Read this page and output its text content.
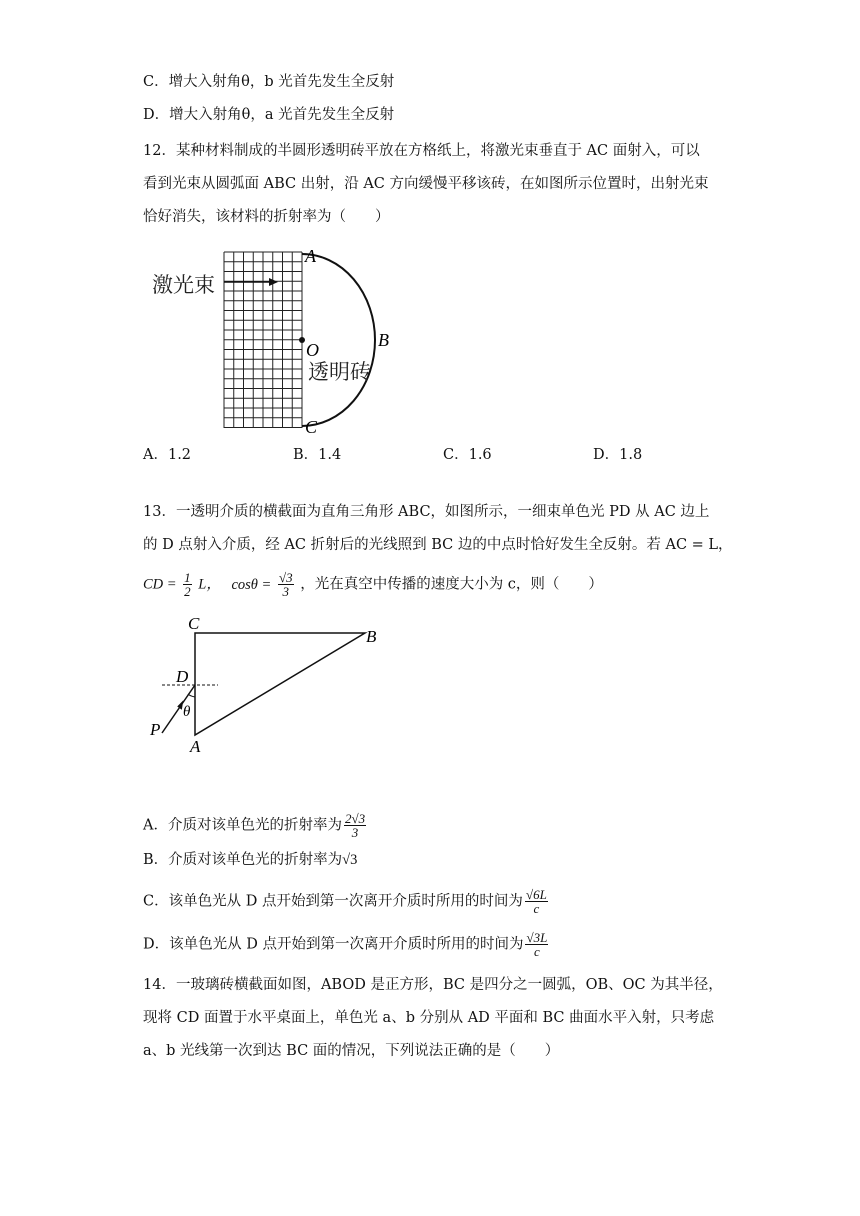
C．增大入射角θ，b 光首先发生全反射
D．增大入射角θ，a 光首先发生全反射
12．某种材料制成的半圆形透明砖平放在方格纸上，将激光束垂直于 AC 面射入，可以
看到光束从圆弧面 ABC 出射，沿 AC 方向缓慢平移该砖，在如图所示位置时，出射光束
恰好消失，该材料的折射率为（　　）
激光束
A
B
C
O
透明砖
A．1.2	B．1.4	C．1.6	D．1.8
13．一透明介质的横截面为直角三角形 ABC，如图所示，一细束单色光 PD 从 AC 边上
的 D 点射入介质，经 AC 折射后的光线照到 BC 边的中点时恰好发生全反射。若 AC = L，
CD = $\frac{1}{2}$ L， $\cos\theta = \frac{√3}{3}$ ，光在真空中传播的速度大小为 c，则（　　）
C
B
D
θ
P
A
A．介质对该单色光的折射率为 $\frac{2√3}{3}$
B．介质对该单色光的折射率为√3
C．该单色光从 D 点开始到第一次离开介质时所用的时间为 $\frac{√6L}{c}$
D．该单色光从 D 点开始到第一次离开介质时所用的时间为 $\frac{√3L}{c}$
14．一玻璃砖横截面如图，ABOD 是正方形，BC 是四分之一圆弧，OB、OC 为其半径，
现将 CD 面置于水平桌面上，单色光 a、b 分别从 AD 平面和 BC 曲面水平入射，只考虑
a、b 光线第一次到达 BC 面的情况，下列说法正确的是（　　）
